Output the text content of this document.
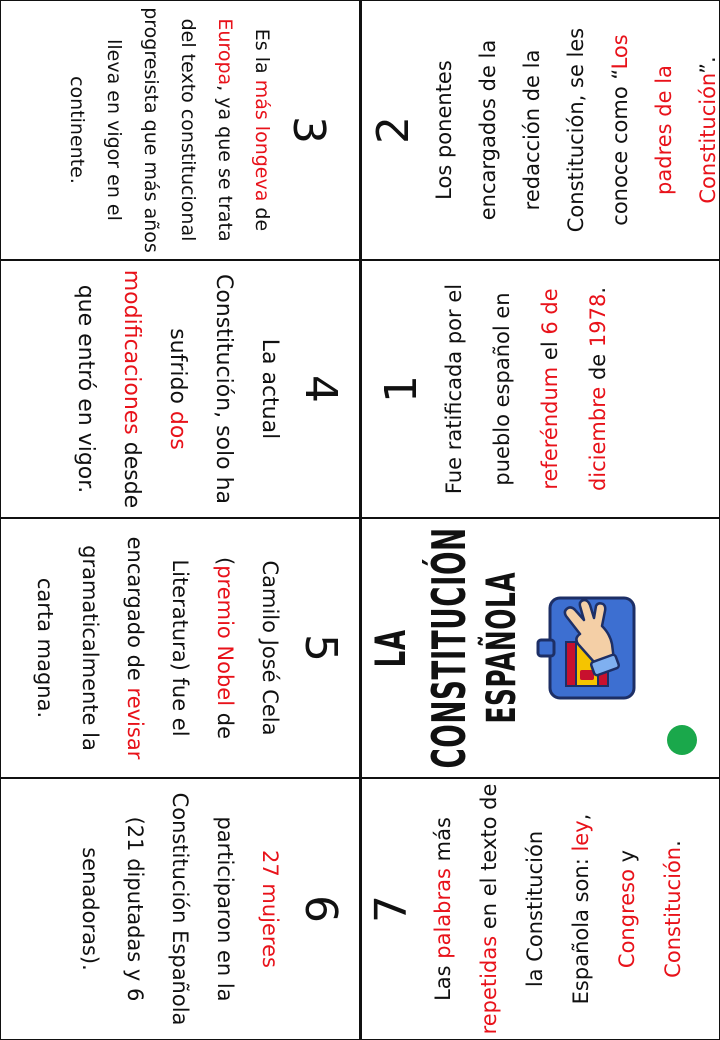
3
Es la más longeva de Europa, ya que se trata del texto constitucional progresista que más años lleva en vigor en el continente.	2 Los ponentes encargados de la redacción de la Constitución, se les conoce como “Los padres de la Constitución”.
4
La actual Constitución, solo ha sufrido dos modificaciones desde que entró en vigor.	1 Fue ratificada por el pueblo español en referéndum el 6 de diciembre de 1978.
5
Camilo José Cela (premio Nobel de Literatura) fue el encargado de revisar gramaticalmente la carta magna.	LA CONSTITUCIÓN ESPAÑOLA
6
27 mujeres participaron en la Constitución Española (21 diputadas y 6 senadoras).	7
Las palabras más repetidas en el texto de la Constitución Española son: ley, Congreso y Constitución.
